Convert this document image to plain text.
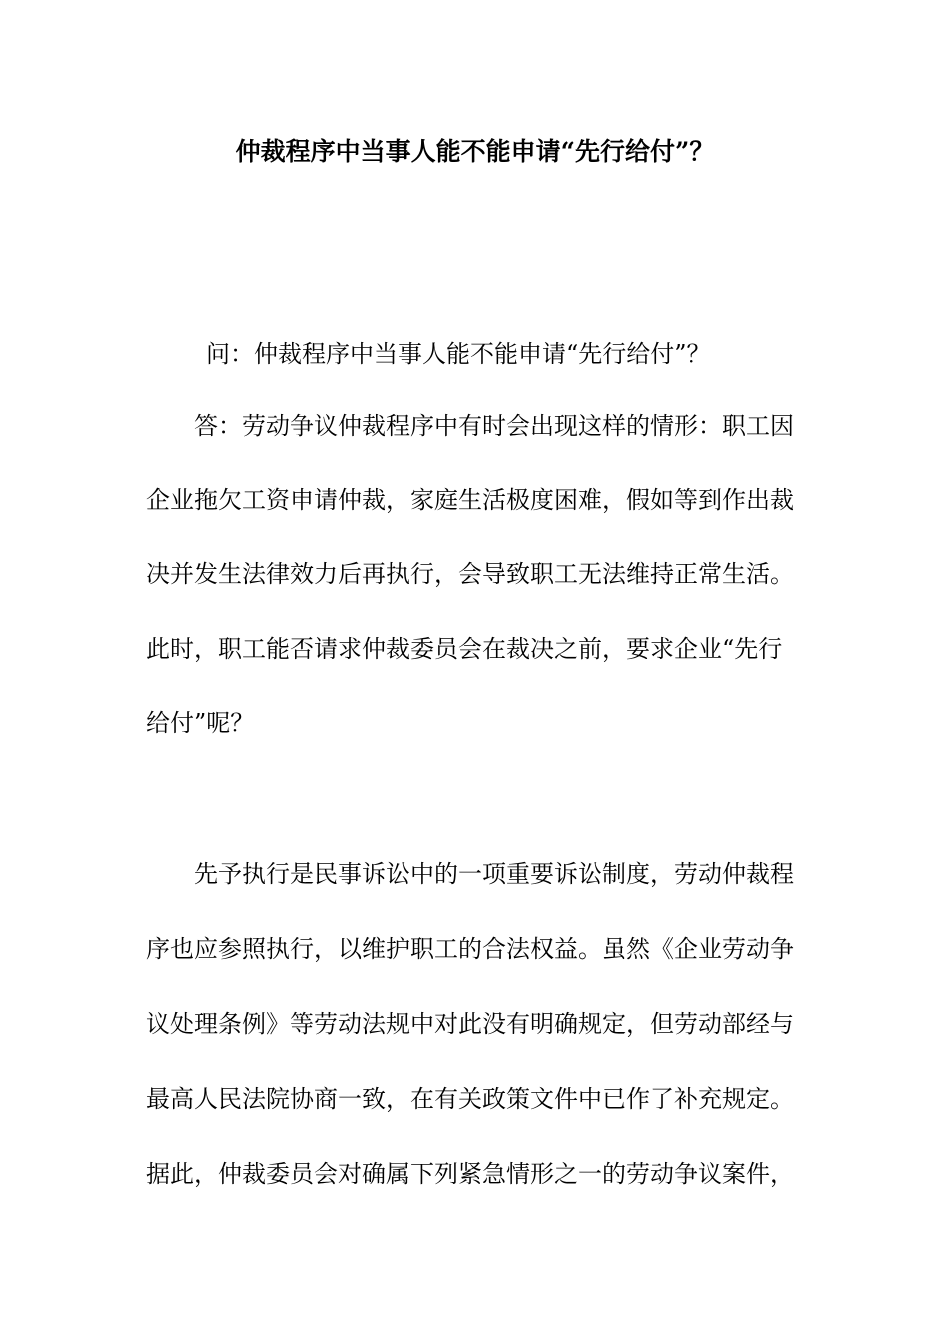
仲裁程序中当事人能不能申请“先行给付”？

问：仲裁程序中当事人能不能申请“先行给付”？

答：劳动争议仲裁程序中有时会出现这样的情形：职工因

企业拖欠工资申请仲裁，家庭生活极度困难，假如等到作出裁

决并发生法律效力后再执行，会导致职工无法维持正常生活。

此时，职工能否请求仲裁委员会在裁决之前，要求企业“先行

给付”呢？

先予执行是民事诉讼中的一项重要诉讼制度，劳动仲裁程

序也应参照执行，以维护职工的合法权益。虽然《企业劳动争

议处理条例》等劳动法规中对此没有明确规定，但劳动部经与

最高人民法院协商一致，在有关政策文件中已作了补充规定。

据此，仲裁委员会对确属下列紧急情形之一的劳动争议案件，
